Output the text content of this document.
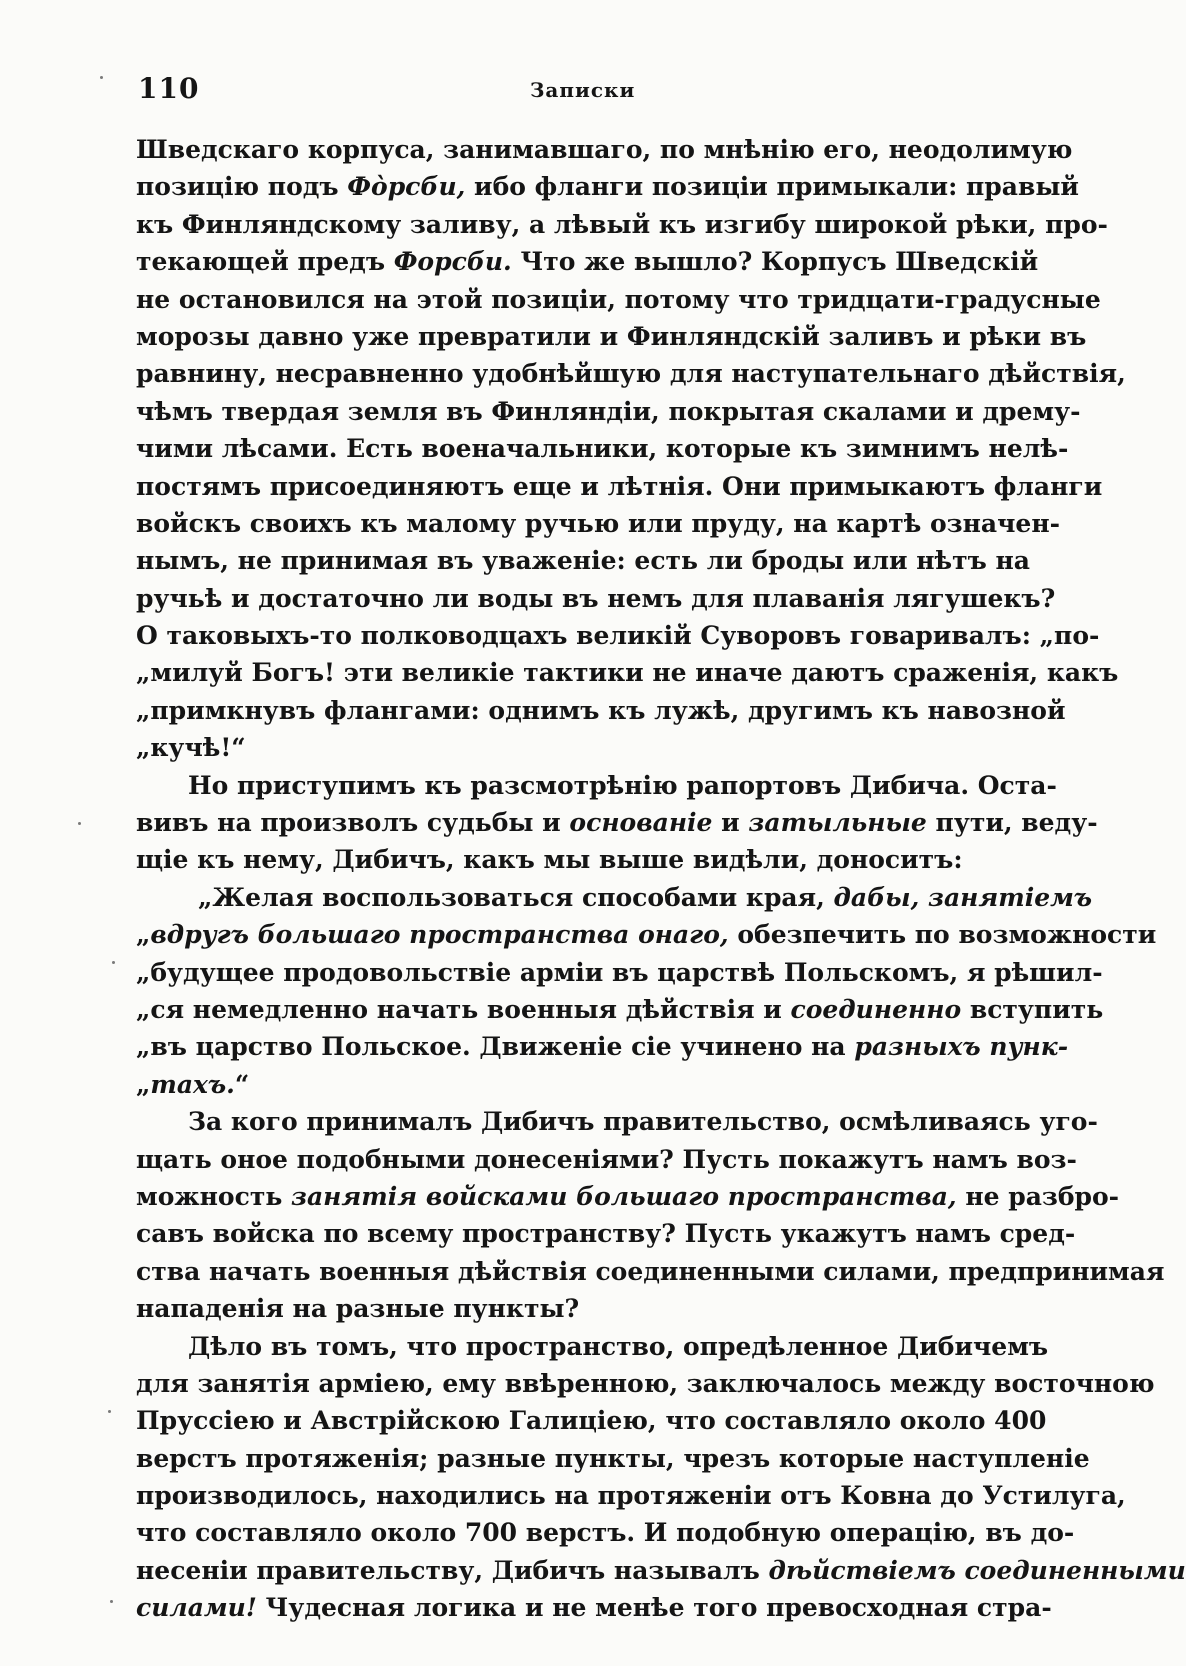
110	Записки
Шведскаго корпуса, занимавшаго, по мнѣнію его, неодолимую
позицію подъ Фо̀рсби, ибо фланги позиціи примыкали: правый
къ Финляндскому заливу, а лѣвый къ изгибу широкой рѣки, про-
текающей предъ Форсби. Что же вышло? Корпусъ Шведскій
не остановился на этой позиціи, потому что тридцати-градусные
морозы давно уже превратили и Финляндскій заливъ и рѣки въ
равнину, несравненно удобнѣйшую для наступательнаго дѣйствія,
чѣмъ твердая земля въ Финляндіи, покрытая скалами и дрему-
чими лѣсами. Есть военачальники, которые къ зимнимъ нелѣ-
постямъ присоединяютъ еще и лѣтнія. Они примыкаютъ фланги
войскъ своихъ къ малому ручью или пруду, на картѣ означен-
нымъ, не принимая въ уваженіе: есть ли броды или нѣтъ на
ручьѣ и достаточно ли воды въ немъ для плаванія лягушекъ?
О таковыхъ-то полководцахъ великій Суворовъ говаривалъ: „по-
„милуй Богъ! эти великіе тактики не иначе даютъ сраженія, какъ
„примкнувъ флангами: однимъ къ лужѣ, другимъ къ навозной
„кучѣ!“
Но приступимъ къ разсмотрѣнію рапортовъ Дибича. Оста-
вивъ на произволъ судьбы и основаніе и затыльные пути, веду-
щіе къ нему, Дибичъ, какъ мы выше видѣли, доноситъ:
„Желая воспользоваться способами края, дабы, занятіемъ
„вдругъ большаго пространства онаго, обезпечить по возможности
„будущее продовольствіе арміи въ царствѣ Польскомъ, я рѣшил-
„ся немедленно начать военныя дѣйствія и соединенно вступить
„въ царство Польское. Движеніе сіе учинено на разныхъ пунк-
„тахъ.“
За кого принималъ Дибичъ правительство, осмѣливаясь уго-
щать оное подобными донесеніями? Пусть покажутъ намъ воз-
можность занятія войсками большаго пространства, не разбро-
савъ войска по всему пространству? Пусть укажутъ намъ сред-
ства начать военныя дѣйствія соединенными силами, предпринимая
нападенія на разные пункты?
Дѣло въ томъ, что пространство, опредѣленное Дибичемъ
для занятія арміею, ему ввѣренною, заключалось между восточною
Пруссіею и Австрійскою Галиціею, что составляло около 400
верстъ протяженія; разные пункты, чрезъ которые наступленіе
производилось, находились на протяженіи отъ Ковна до Устилуга,
что составляло около 700 верстъ. И подобную операцію, въ до-
несеніи правительству, Дибичъ называлъ дѣйствіемъ соединенными
силами! Чудесная логика и не менѣе того превосходная стра-
